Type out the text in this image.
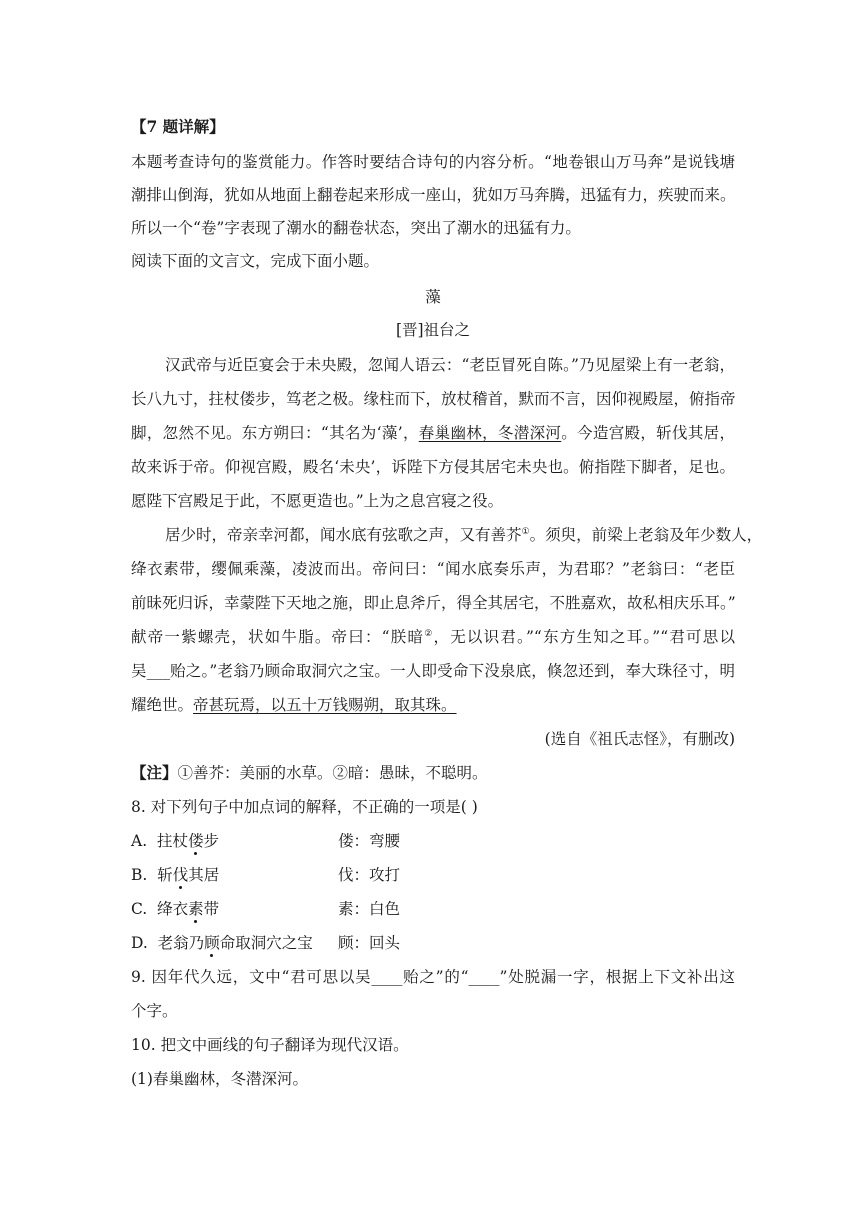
【7 题详解】
本题考查诗句的鉴赏能力。作答时要结合诗句的内容分析。“地卷银山万马奔”是说钱塘
潮排山倒海，犹如从地面上翻卷起来形成一座山，犹如万马奔腾，迅猛有力，疾驶而来。
所以一个“卷”字表现了潮水的翻卷状态，突出了潮水的迅猛有力。
阅读下面的文言文，完成下面小题。
藻
[晋]祖台之
汉武帝与近臣宴会于未央殿，忽闻人语云：“老臣冒死自陈。”乃见屋梁上有一老翁，
长八九寸，拄杖偻步，笃老之极。缘柱而下，放杖稽首，默而不言，因仰视殿屋，俯指帝
脚，忽然不见。东方朔曰：“其名为‘藻’，春巢幽林，冬潜深河。今造宫殿，斩伐其居，
故来诉于帝。仰视宫殿，殿名‘未央’，诉陛下方侵其居宅未央也。俯指陛下脚者，足也。
愿陛下宫殿足于此，不愿更造也。”上为之息宫寝之役。
居少时，帝亲幸河都，闻水底有弦歌之声，又有善芥①。须臾，前梁上老翁及年少数人，
绛衣素带，缨佩乘藻，凌波而出。帝问曰：“闻水底奏乐声，为君耶？”老翁曰：“老臣
前昧死归诉，幸蒙陛下天地之施，即止息斧斤，得全其居宅，不胜嘉欢，故私相庆乐耳。”
献帝一紫螺壳，状如牛脂。帝曰：“朕暗②，无以识君。”“东方生知之耳。”“君可思以
吴___贻之。”老翁乃顾命取洞穴之宝。一人即受命下没泉底，倏忽还到，奉大珠径寸，明
耀绝世。帝甚玩焉，以五十万钱赐朔，取其珠。
(选自《祖氏志怪》，有删改)
【注】①善芥：美丽的水草。②暗：愚昧，不聪明。
8. 对下列句子中加点词的解释，不正确的一项是( )
A. 拄杖偻步	偻：弯腰
B. 斩伐其居	伐：攻打
C. 绛衣素带	素：白色
D. 老翁乃顾命取洞穴之宝 顾：回头
9. 因年代久远，文中“君可思以吴____贻之”的“____”处脱漏一字，根据上下文补出这
个字。
10. 把文中画线的句子翻译为现代汉语。
(1)春巢幽林，冬潜深河。
